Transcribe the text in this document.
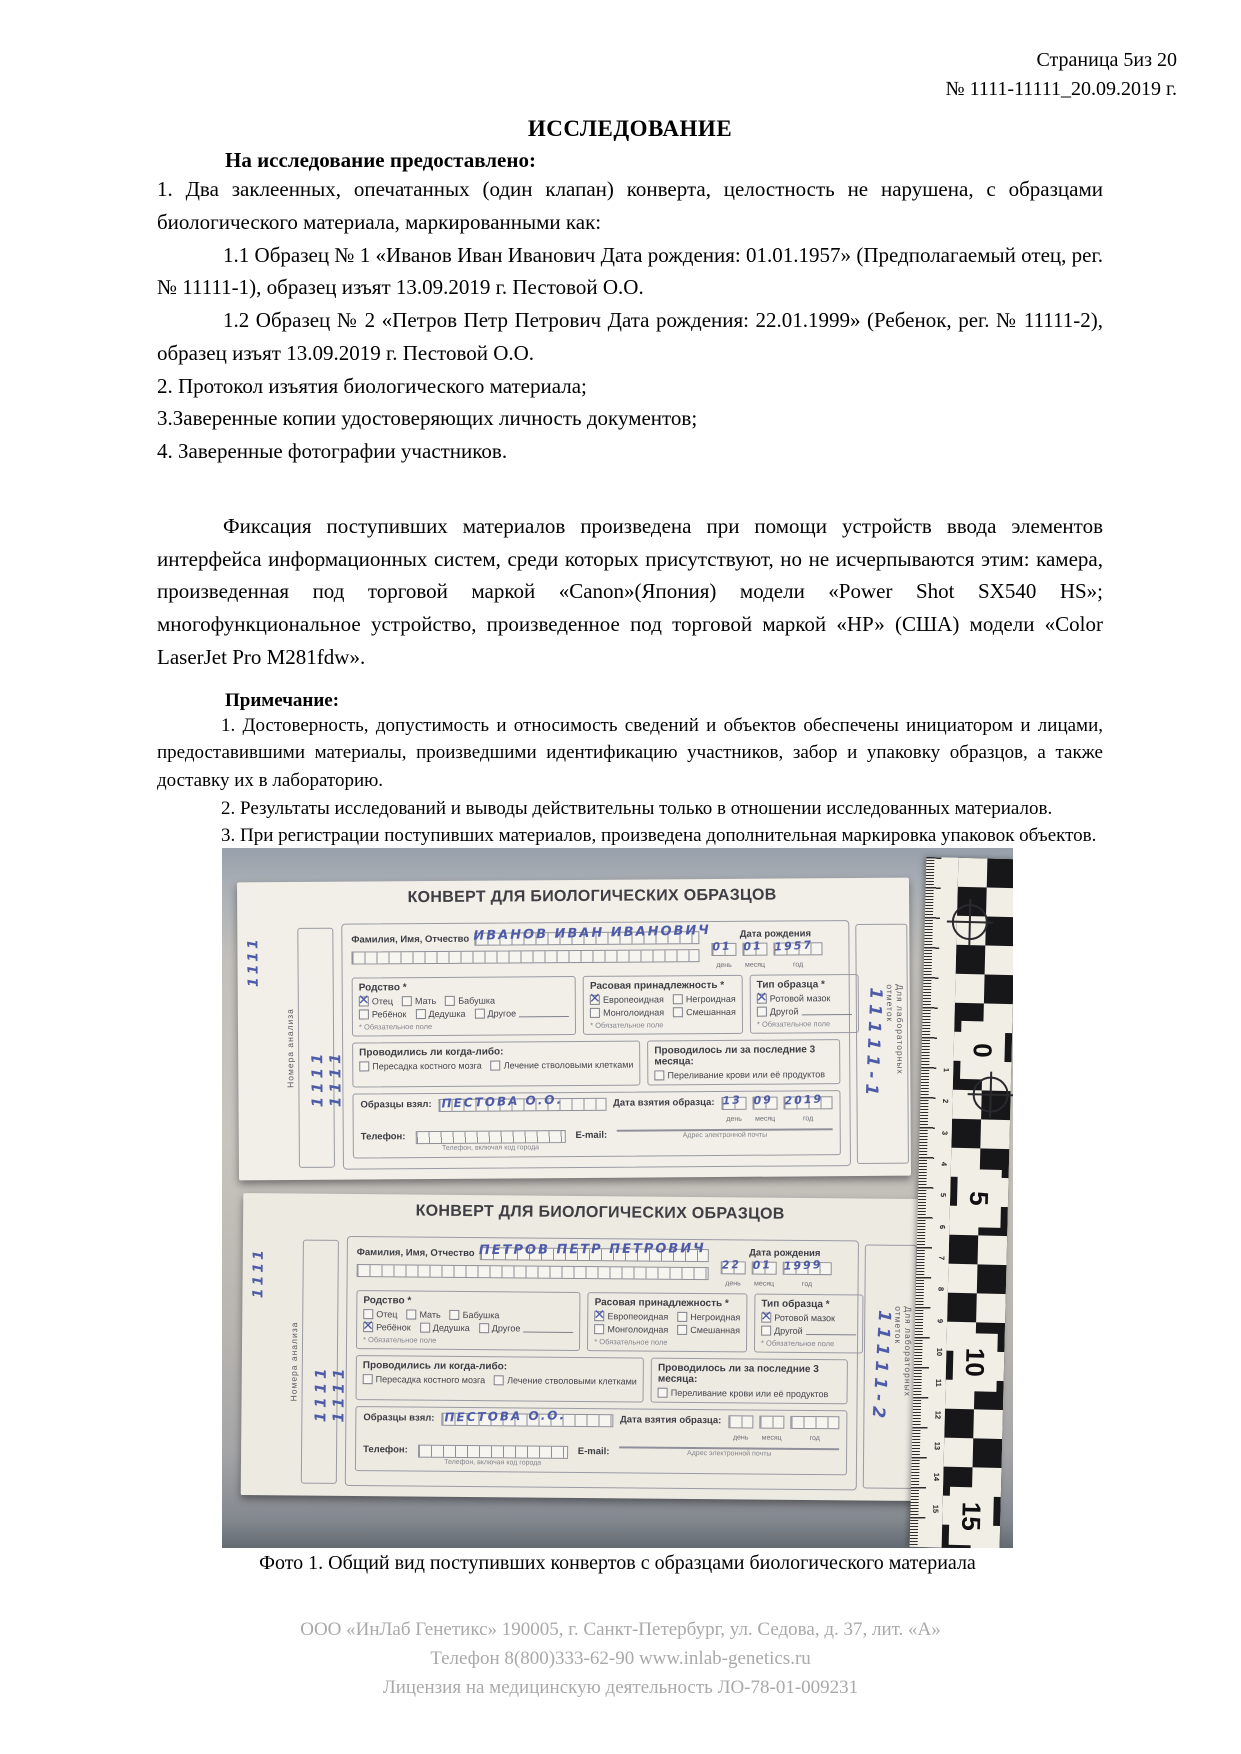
Страница 5из 20
№ 1111-11111_20.09.2019 г.
ИССЛЕДОВАНИЕ

На исследование предоставлено:

1. Два заклеенных, опечатанных (один клапан) конверта, целостность не нарушена, с образцами биологического материала, маркированными как:

1.1 Образец № 1 «Иванов Иван Иванович Дата рождения: 01.01.1957» (Предполагаемый отец, рег. № 11111-1), образец изъят 13.09.2019 г. Пестовой О.О.

1.2 Образец № 2 «Петров Петр Петрович Дата рождения: 22.01.1999» (Ребенок, рег. № 11111-2), образец изъят 13.09.2019 г. Пестовой О.О.

2. Протокол изъятия биологического материала;

3.Заверенные копии удостоверяющих личность документов;

4. Заверенные фотографии участников.

Фиксация поступивших материалов произведена при помощи устройств ввода элементов интерфейса информационных систем, среди которых присутствуют, но не исчерпываются этим: камера, произведенная под торговой маркой «Canon»(Япония) модели «Power Shot SX540 HS»; многофункциональное устройство, произведенное под торговой маркой «НР» (США) модели «Color LaserJet Pro M281fdw».

Примечание:

1. Достоверность, допустимость и относимость сведений и объектов обеспечены инициатором и лицами, предоставившими материалы, произведшими идентификацию участников, забор и упаковку образцов, а также доставку их в лабораторию.

2. Результаты исследований и выводы действительны только в отношении исследованных материалов.

3. При регистрации поступивших материалов, произведена дополнительная маркировка упаковок объектов.

1111
КОНВЕРТ ДЛЯ БИОЛОГИЧЕСКИХ ОБРАЗЦОВ
Номера анализа 1111 1111	11111-1	Для лабораторных отметок
Фамилия, Имя, Отчество ИВАНОВ ИВАН ИВАНОВИЧ	Дата рождения
01 01 1957
день	месяц	год
Родство *
✕
Отец Мать Бабушка
Ребёнок Дедушка Другое
* Обязательное поле
Расовая принадлежность *
✕
Европеоидная Негроидная
Монголоидная Смешанная
* Обязательное поле
Тип образца *
✕
Ротовой мазок
Другой
* Обязательное поле
Проводились ли когда-либо:
Пересадка костного мозга Лечение стволовыми клетками
Проводилось ли за последние 3 месяца:
Переливание крови или её продуктов
Образцы взял: ПЕСТОВА О.О.	Дата взятия образца: 13 09 2019
день	месяц	год
Телефон:
Телефон, включая код города
E-mail:	Адрес электронной почты
1111
КОНВЕРТ ДЛЯ БИОЛОГИЧЕСКИХ ОБРАЗЦОВ
Номера анализа 1111 1111	11111-2 Для лабораторных отметок
Фамилия, Имя, Отчество ПЕТРОВ ПЕТР ПЕТРОВИЧ	Дата рождения
22 01 1999
день	месяц	год
Родство *
Отец Мать Бабушка
✕
Ребёнок Дедушка Другое
* Обязательное поле
Расовая принадлежность *
✕
Европеоидная Негроидная
Монголоидная Смешанная
* Обязательное поле
Тип образца *
✕
Ротовой мазок
Другой
* Обязательное поле
Проводились ли когда-либо:
Пересадка костного мозга Лечение стволовыми клетками
Проводилось ли за последние 3 месяца:
Переливание крови или её продуктов
Образцы взял: ПЕСТОВА О.О.	Дата взятия образца:
день	месяц	год
Телефон:
Телефон, включая код города
E-mail:	Адрес электронной почты
1
2
3
4
5
6
7
8
9
10
11
12
13
14
15
0
5
10
15
Фото 1. Общий вид поступивших конвертов с образцами биологического материала
ООО «ИнЛаб Генетикс» 190005, г. Санкт-Петербург, ул. Седова, д. 37, лит. «А»
Телефон 8(800)333-62-90 www.inlab-genetics.ru
Лицензия на медицинскую деятельность ЛО-78-01-009231
